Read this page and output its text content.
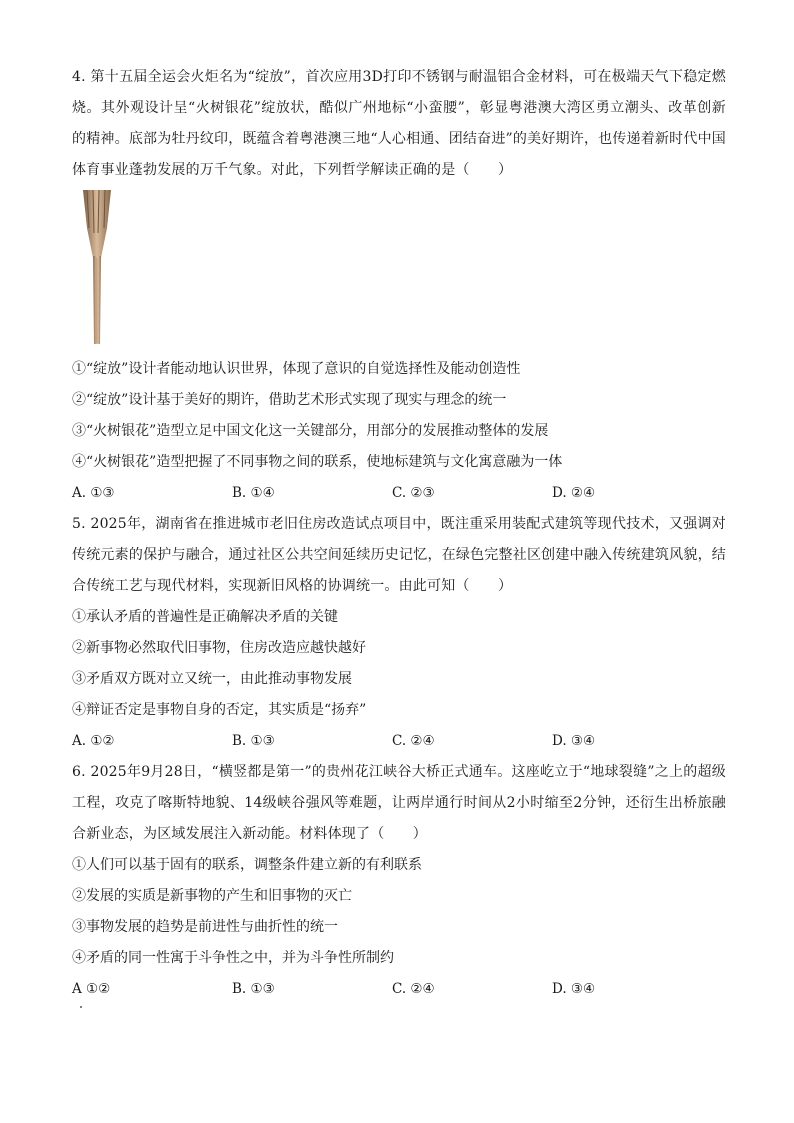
4. 第十五届全运会火炬名为“绽放”，首次应用3D打印不锈钢与耐温铝合金材料，可在极端天气下稳定燃烧。其外观设计呈“火树银花”绽放状，酷似广州地标“小蛮腰”，彰显粤港澳大湾区勇立潮头、改革创新的精神。底部为牡丹纹印，既蕴含着粤港澳三地“人心相通、团结奋进”的美好期许，也传递着新时代中国体育事业蓬勃发展的万千气象。对此，下列哲学解读正确的是（　　）

①“绽放”设计者能动地认识世界，体现了意识的自觉选择性及能动创造性

②“绽放”设计基于美好的期许，借助艺术形式实现了现实与理念的统一

③“火树银花”造型立足中国文化这一关键部分，用部分的发展推动整体的发展

④“火树银花”造型把握了不同事物之间的联系，使地标建筑与文化寓意融为一体

A. ①③	B. ①④	C. ②③	D. ②④

5. 2025年，湖南省在推进城市老旧住房改造试点项目中，既注重采用装配式建筑等现代技术，又强调对传统元素的保护与融合，通过社区公共空间延续历史记忆，在绿色完整社区创建中融入传统建筑风貌，结合传统工艺与现代材料，实现新旧风格的协调统一。由此可知（　　）

①承认矛盾的普遍性是正确解决矛盾的关键

②新事物必然取代旧事物，住房改造应越快越好

③矛盾双方既对立又统一，由此推动事物发展

④辩证否定是事物自身的否定，其实质是“扬弃”

A. ①②	B. ①③	C. ②④	D. ③④

6. 2025年9月28日，“横竖都是第一”的贵州花江峡谷大桥正式通车。这座屹立于“地球裂缝”之上的超级工程，攻克了喀斯特地貌、14级峡谷强风等难题，让两岸通行时间从2小时缩至2分钟，还衍生出桥旅融合新业态，为区域发展注入新动能。材料体现了（　　）

①人们可以基于固有的联系，调整条件建立新的有利联系

②发展的实质是新事物的产生和旧事物的灭亡

③事物发展的趋势是前进性与曲折性的统一

④矛盾的同一性寓于斗争性之中，并为斗争性所制约

A ①②	B. ①③	C. ②④	D. ③④
